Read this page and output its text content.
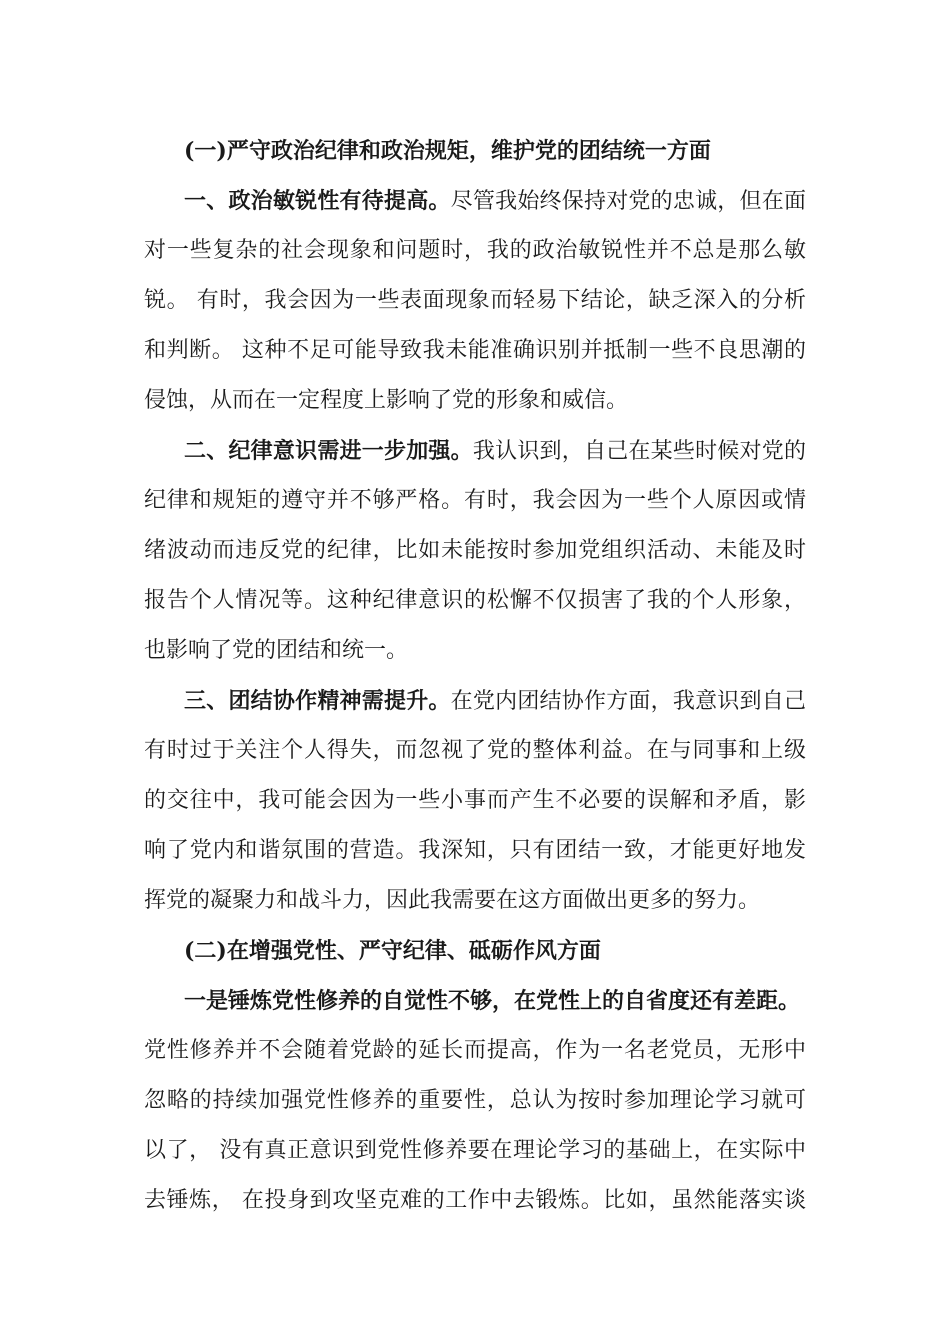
(一)严守政治纪律和政治规矩，维护党的团结统一方面
一、政治敏锐性有待提高。尽管我始终保持对党的忠诚，但在面
对一些复杂的社会现象和问题时，我的政治敏锐性并不总是那么敏
锐。 有时，我会因为一些表面现象而轻易下结论，缺乏深入的分析
和判断。 这种不足可能导致我未能准确识别并抵制一些不良思潮的
侵蚀，从而在一定程度上影响了党的形象和威信。
二、纪律意识需进一步加强。我认识到，自己在某些时候对党的
纪律和规矩的遵守并不够严格。有时，我会因为一些个人原因或情
绪波动而违反党的纪律，比如未能按时参加党组织活动、未能及时
报告个人情况等。这种纪律意识的松懈不仅损害了我的个人形象，
也影响了党的团结和统一。
三、团结协作精神需提升。在党内团结协作方面，我意识到自己
有时过于关注个人得失，而忽视了党的整体利益。在与同事和上级
的交往中，我可能会因为一些小事而产生不必要的误解和矛盾，影
响了党内和谐氛围的营造。我深知，只有团结一致，才能更好地发
挥党的凝聚力和战斗力，因此我需要在这方面做出更多的努力。
(二)在增强党性、严守纪律、砥砺作风方面
一是锤炼党性修养的自觉性不够，在党性上的自省度还有差距。
党性修养并不会随着党龄的延长而提高，作为一名老党员，无形中
忽略的持续加强党性修养的重要性，总认为按时参加理论学习就可
以了， 没有真正意识到党性修养要在理论学习的基础上，在实际中
去锤炼， 在投身到攻坚克难的工作中去锻炼。比如，虽然能落实谈
